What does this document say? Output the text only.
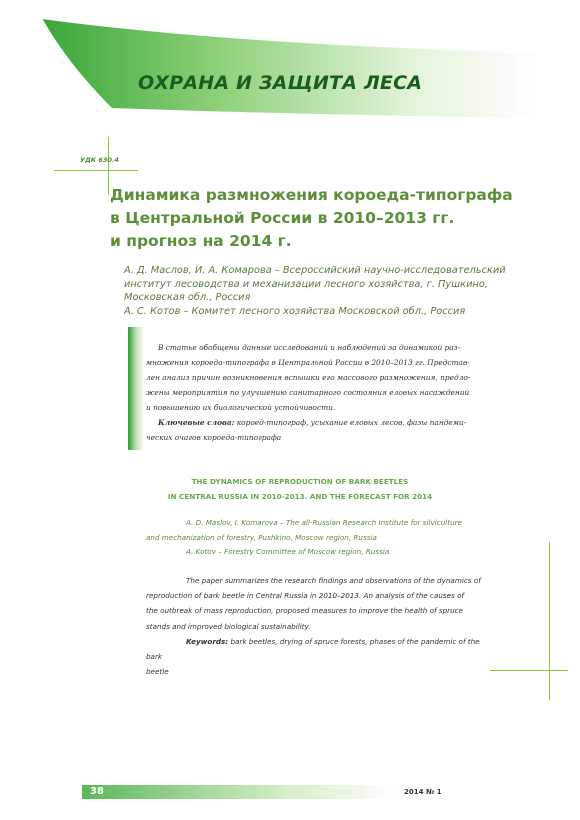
ОХРАНА И ЗАЩИТА ЛЕСА
УДК 630.4
Динамика размножения короеда-типографа
в Центральной России в 2010–2013 гг.
и прогноз на 2014 г.
А. Д. Маслов, И. А. Комарова – Всероссийский научно-исследовательский
институт лесоводства и механизации лесного хозяйства, г. Пушкино,
Московская обл., Россия
А. С. Котов – Комитет лесного хозяйства Московской обл., Россия
В статье обобщены данные исследований и наблюдений за динамикой раз-
множения короеда-типографа в Центральной России в 2010–2013 гг. Представ-
лен анализ причин возникновения вспышки его массового размножения, предло-
жены мероприятия по улучшению санитарного состояния еловых насаждений
и повышению их биологической устойчивости.
Ключевые слова: короед-типограф, усыхание еловых лесов, фазы пандеми-
ческих очагов короеда-типографа
THE DYNAMICS OF REPRODUCTION OF BARK BEETLES
IN CENTRAL RUSSIA IN 2010-2013. AND THE FORECAST FOR 2014
A. D. Maslov, I. Komarova – The all-Russian Research Institute for silviculture
and mechanization of forestry, Pushkino, Moscow region, Russia
A. Kotov – Forestry Committee of Moscow region, Russia
The paper summarizes the research findings and observations of the dynamics of
reproduction of bark beetle in Central Russia in 2010–2013. An analysis of the causes of
the outbreak of mass reproduction, proposed measures to improve the health of spruce
stands and improved biological sustainability.
Keywords: bark beetles, drying of spruce forests, phases of the pandemic of the bark
beetle
38	2014 № 1
